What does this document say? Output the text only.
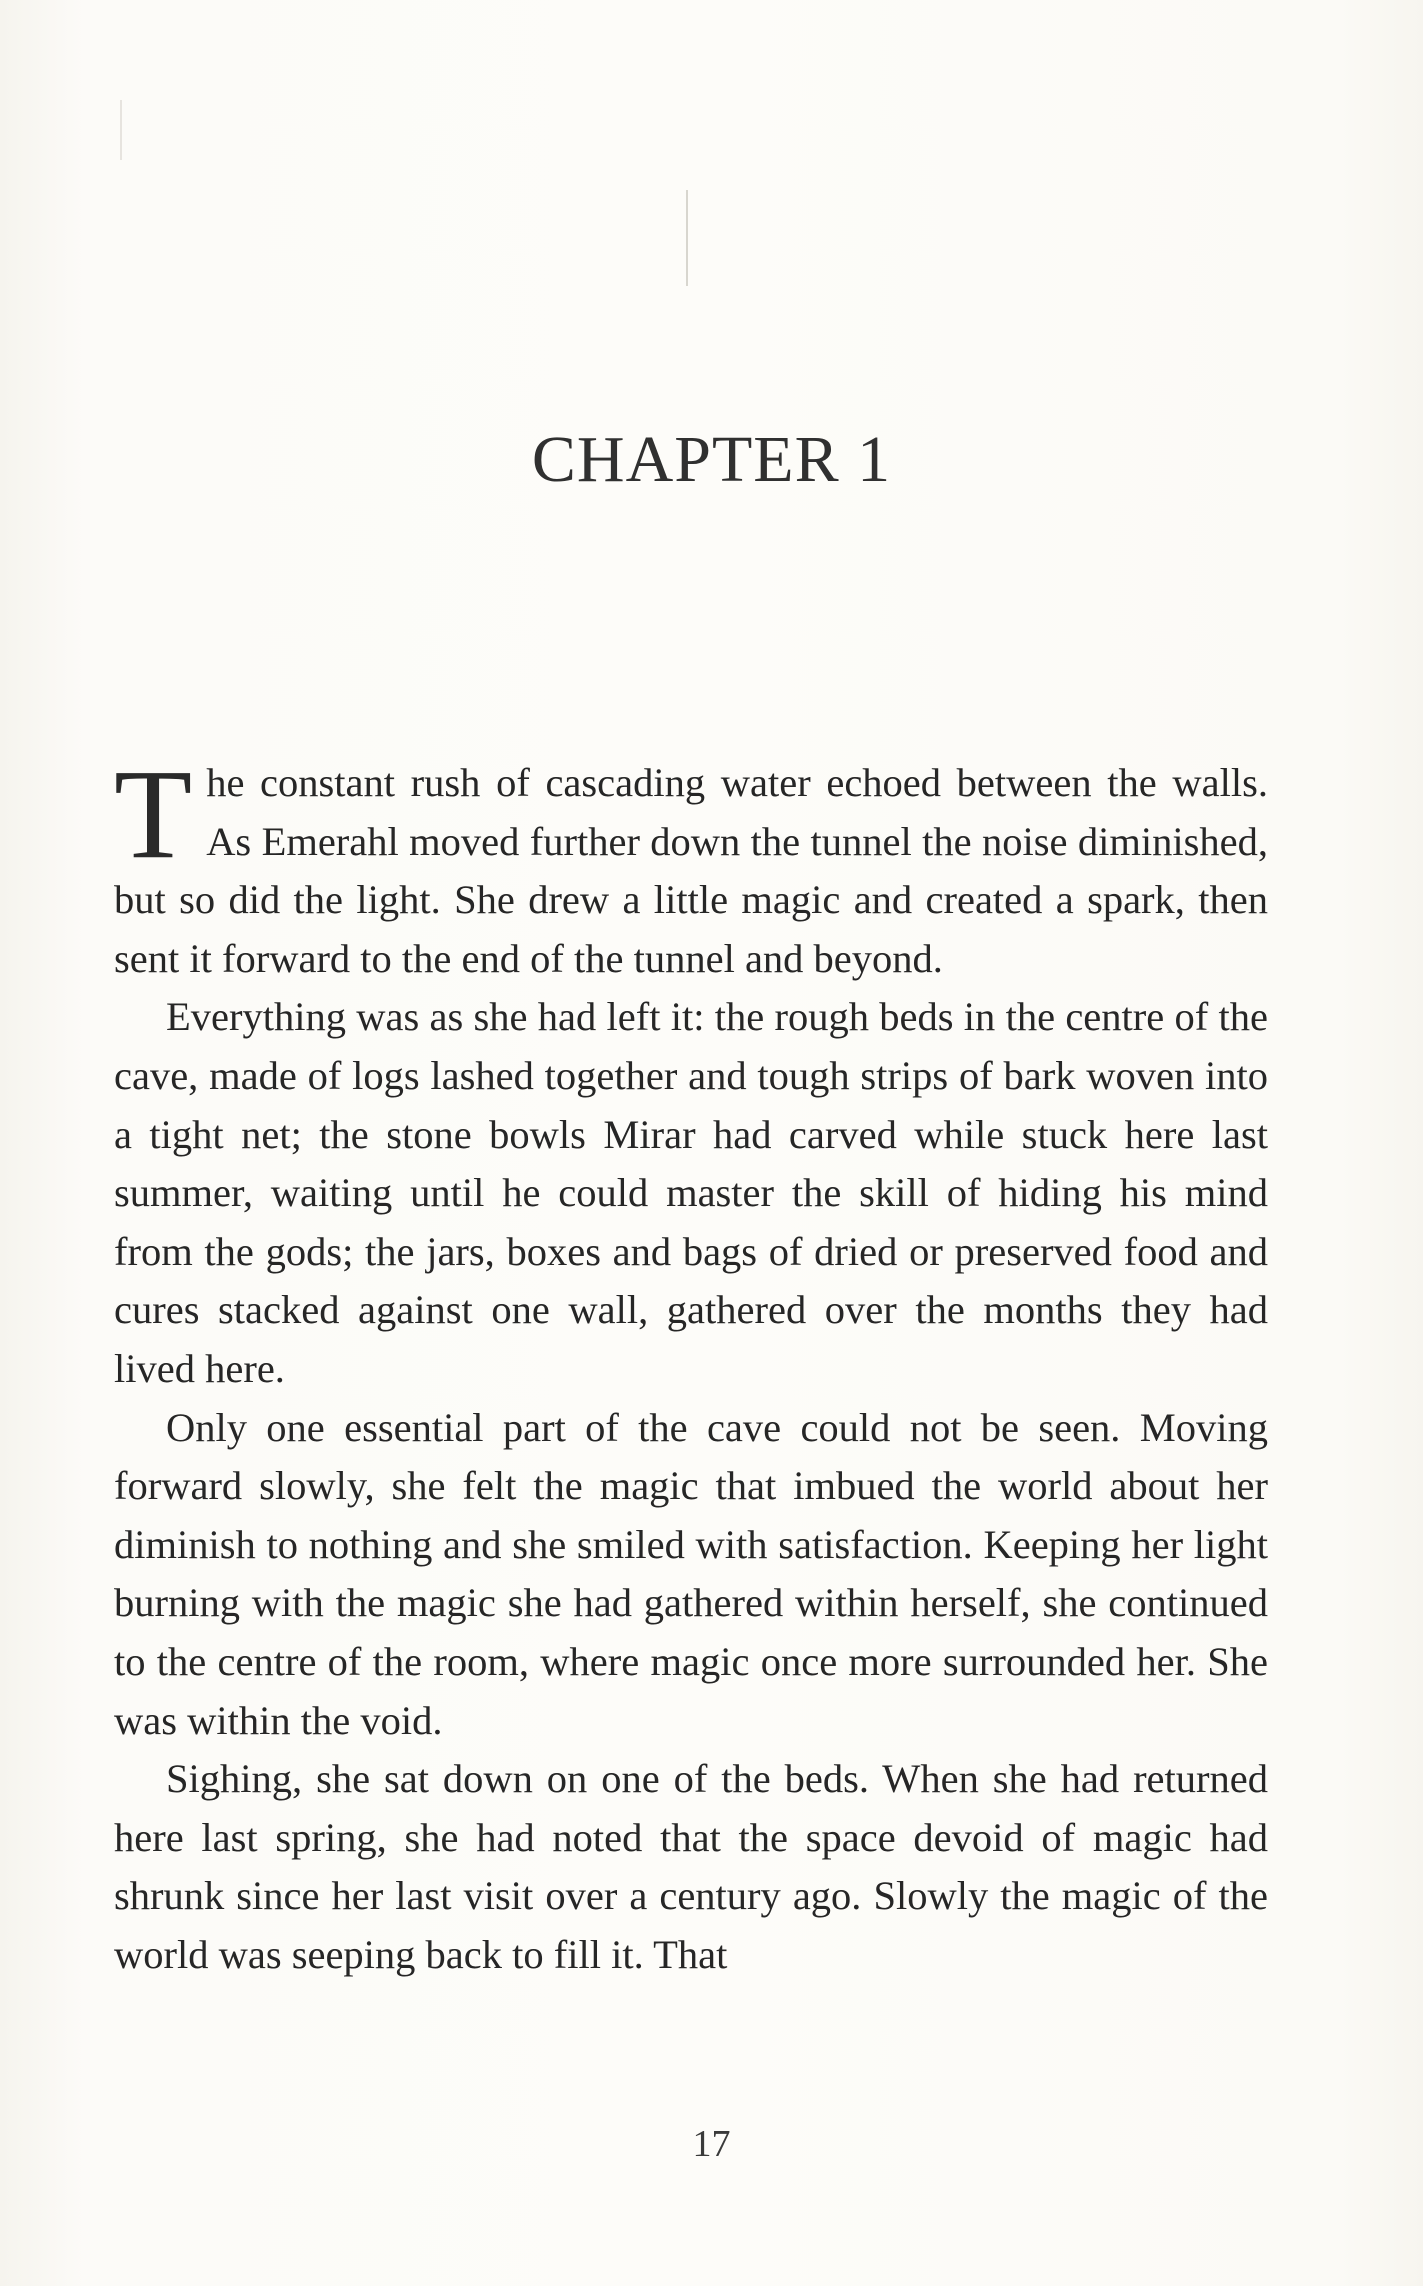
CHAPTER 1

The constant rush of cascading water echoed between the walls. As Emerahl moved further down the tunnel the noise diminished, but so did the light. She drew a little magic and created a spark, then sent it forward to the end of the tunnel and beyond.

Everything was as she had left it: the rough beds in the centre of the cave, made of logs lashed together and tough strips of bark woven into a tight net; the stone bowls Mirar had carved while stuck here last summer, waiting until he could master the skill of hiding his mind from the gods; the jars, boxes and bags of dried or preserved food and cures stacked against one wall, gathered over the months they had lived here.

Only one essential part of the cave could not be seen. Moving forward slowly, she felt the magic that imbued the world about her diminish to nothing and she smiled with satisfaction. Keeping her light burning with the magic she had gathered within herself, she continued to the centre of the room, where magic once more surrounded her. She was within the void.

Sighing, she sat down on one of the beds. When she had returned here last spring, she had noted that the space devoid of magic had shrunk since her last visit over a century ago. Slowly the magic of the world was seeping back to fill it. That

17
